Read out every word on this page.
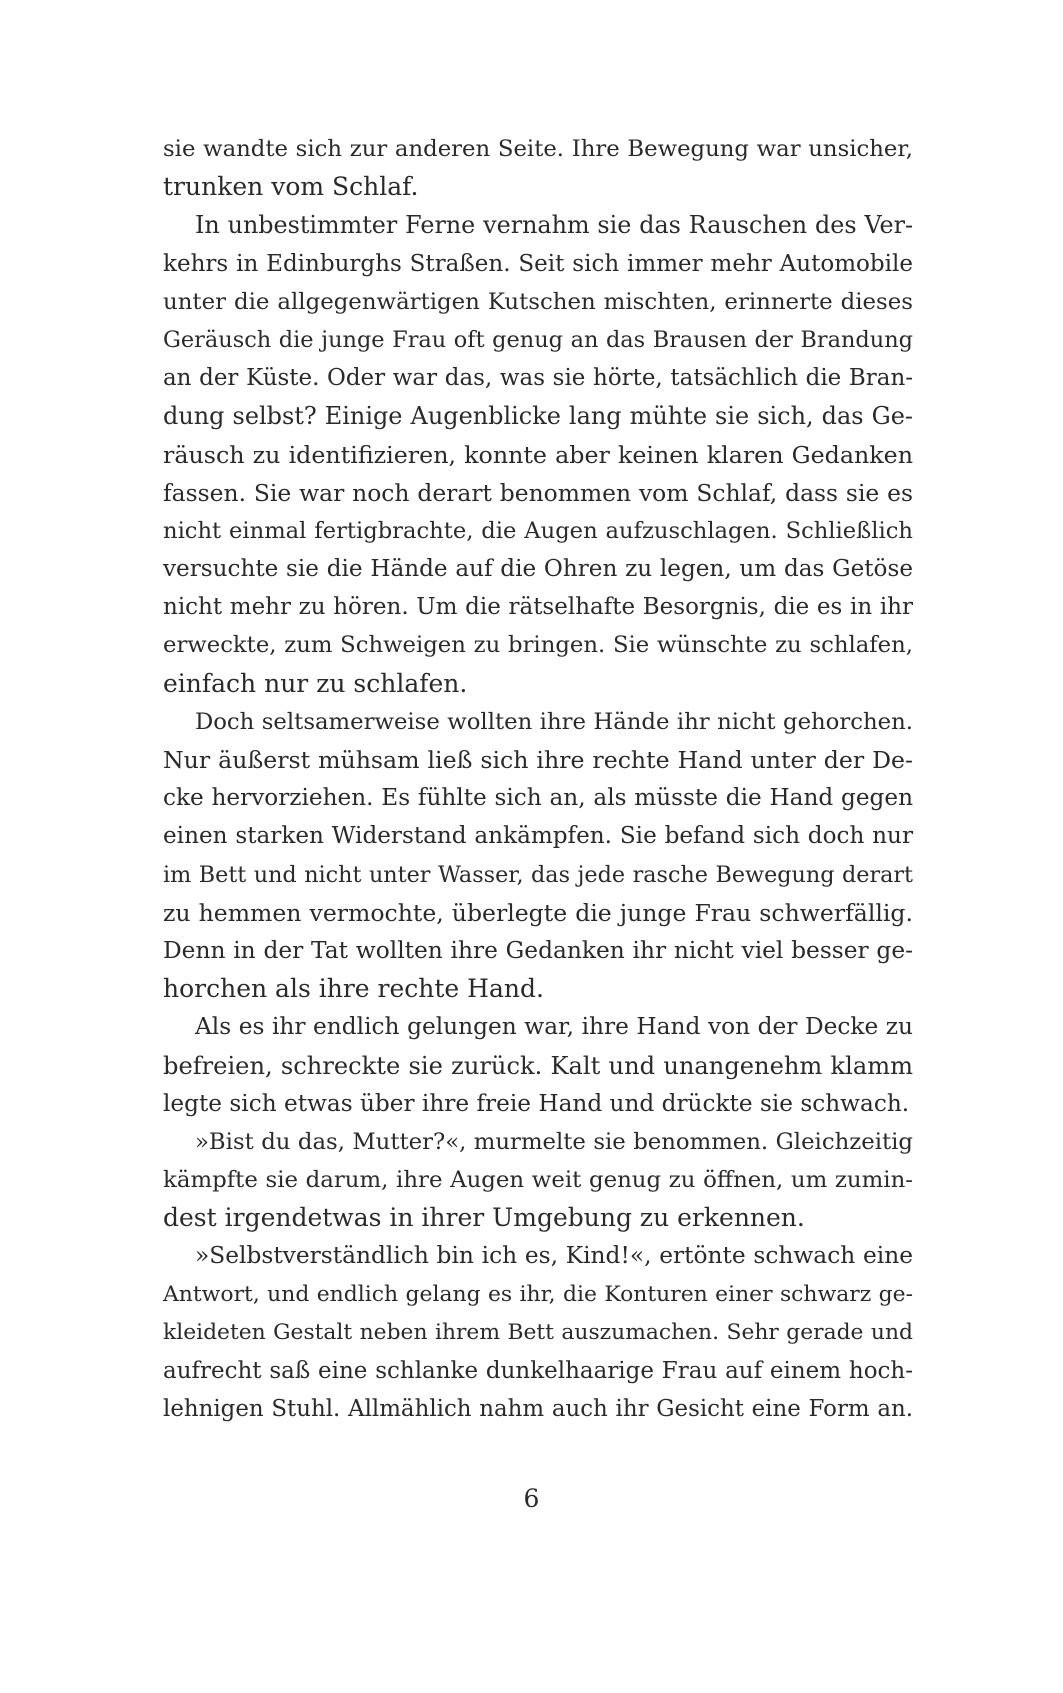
sie wandte sich zur anderen Seite. Ihre Bewegung war unsicher,
trunken vom Schlaf.
In unbestimmter Ferne vernahm sie das Rauschen des Ver-
kehrs in Edinburghs Straßen. Seit sich immer mehr Automobile
unter die allgegenwärtigen Kutschen mischten, erinnerte dieses
Geräusch die junge Frau oft genug an das Brausen der Brandung
an der Küste. Oder war das, was sie hörte, tatsächlich die Bran-
dung selbst? Einige Augenblicke lang mühte sie sich, das Ge-
räusch zu identifizieren, konnte aber keinen klaren Gedanken
fassen. Sie war noch derart benommen vom Schlaf, dass sie es
nicht einmal fertigbrachte, die Augen aufzuschlagen. Schließlich
versuchte sie die Hände auf die Ohren zu legen, um das Getöse
nicht mehr zu hören. Um die rätselhafte Besorgnis, die es in ihr
erweckte, zum Schweigen zu bringen. Sie wünschte zu schlafen,
einfach nur zu schlafen.
Doch seltsamerweise wollten ihre Hände ihr nicht gehorchen.
Nur äußerst mühsam ließ sich ihre rechte Hand unter der De-
cke hervorziehen. Es fühlte sich an, als müsste die Hand gegen
einen starken Widerstand ankämpfen. Sie befand sich doch nur
im Bett und nicht unter Wasser, das jede rasche Bewegung derart
zu hemmen vermochte, überlegte die junge Frau schwerfällig.
Denn in der Tat wollten ihre Gedanken ihr nicht viel besser ge-
horchen als ihre rechte Hand.
Als es ihr endlich gelungen war, ihre Hand von der Decke zu
befreien, schreckte sie zurück. Kalt und unangenehm klamm
legte sich etwas über ihre freie Hand und drückte sie schwach.
»Bist du das, Mutter?«, murmelte sie benommen. Gleichzeitig
kämpfte sie darum, ihre Augen weit genug zu öffnen, um zumin-
dest irgendetwas in ihrer Umgebung zu erkennen.
»Selbstverständlich bin ich es, Kind!«, ertönte schwach eine
Antwort, und endlich gelang es ihr, die Konturen einer schwarz ge-
kleideten Gestalt neben ihrem Bett auszumachen. Sehr gerade und
aufrecht saß eine schlanke dunkelhaarige Frau auf einem hoch-
lehnigen Stuhl. Allmählich nahm auch ihr Gesicht eine Form an.
6
